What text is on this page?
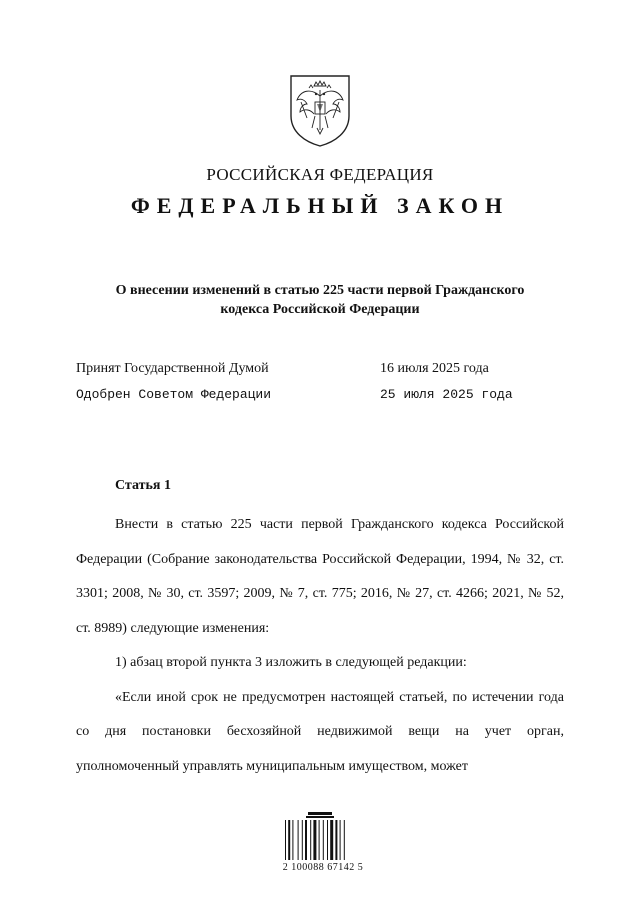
РОССИЙСКАЯ ФЕДЕРАЦИЯ
ФЕДЕРАЛЬНЫЙ ЗАКОН
О внесении изменений в статью 225 части первой Гражданского
кодекса Российской Федерации
Принят Государственной Думой	16 июля 2025 года
Одобрен Советом Федерации	25 июля 2025 года
Статья 1

Внести в статью 225 части первой Гражданского кодекса Российской Федерации (Собрание законодательства Российской Федерации, 1994, № 32, ст. 3301; 2008, № 30, ст. 3597; 2009, № 7, ст. 775; 2016, № 27, ст. 4266; 2021, № 52, ст. 8989) следующие изменения:

1) абзац второй пункта 3 изложить в следующей редакции:

«Если иной срок не предусмотрен настоящей статьей, по истечении года со дня постановки бесхозяйной недвижимой вещи на учет орган, уполномоченный управлять муниципальным имуществом, может

2 100088 67142 5
